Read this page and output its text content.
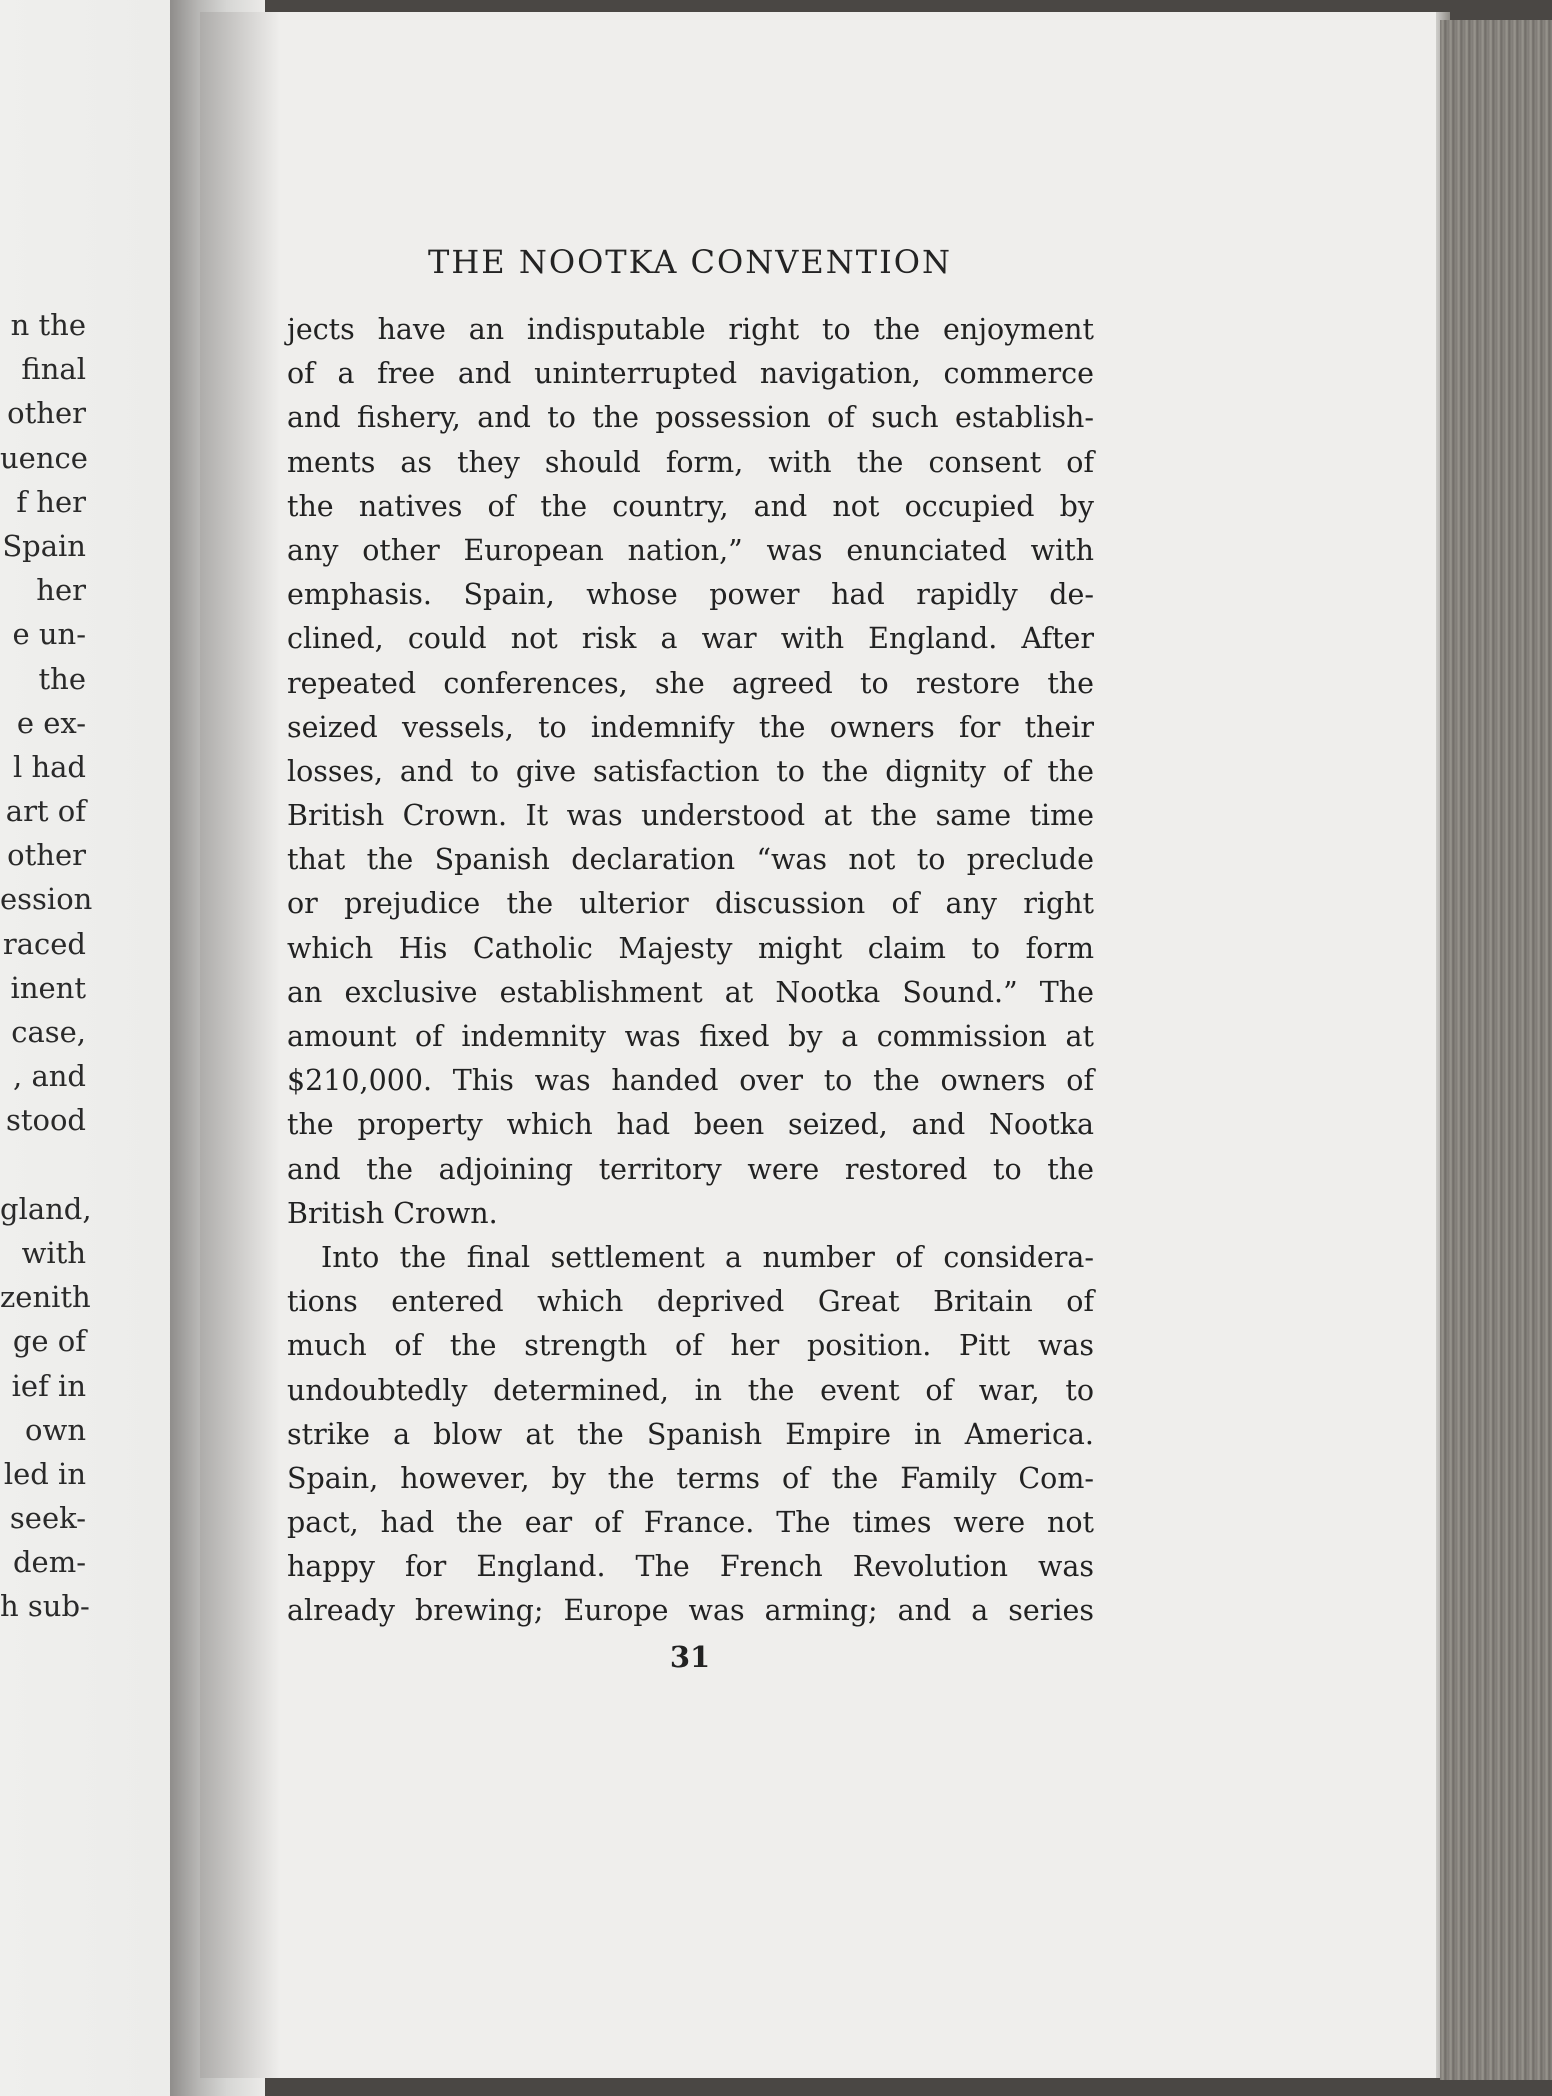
n the
final
other
uence
f her
Spain
her
e un-
the
e ex-
l had
art of
other
ession
raced
inent
case,
, and
stood
gland,
with
zenith
ge of
ief in
own
led in
seek-
dem-
h sub-
THE NOOTKA CONVENTION
jects have an indisputable right to the enjoyment
of a free and uninterrupted navigation, commerce
and fishery, and to the possession of such establish-
ments as they should form, with the consent of
the natives of the country, and not occupied by
any other European nation,” was enunciated with
emphasis. Spain, whose power had rapidly de-
clined, could not risk a war with England. After
repeated conferences, she agreed to restore the
seized vessels, to indemnify the owners for their
losses, and to give satisfaction to the dignity of the
British Crown. It was understood at the same time
that the Spanish declaration “was not to preclude
or prejudice the ulterior discussion of any right
which His Catholic Majesty might claim to form
an exclusive establishment at Nootka Sound.” The
amount of indemnity was fixed by a commission at
$210,000. This was handed over to the owners of
the property which had been seized, and Nootka
and the adjoining territory were restored to the
British Crown.
Into the final settlement a number of considera-
tions entered which deprived Great Britain of
much of the strength of her position. Pitt was
undoubtedly determined, in the event of war, to
strike a blow at the Spanish Empire in America.
Spain, however, by the terms of the Family Com-
pact, had the ear of France. The times were not
happy for England. The French Revolution was
already brewing; Europe was arming; and a series
31
